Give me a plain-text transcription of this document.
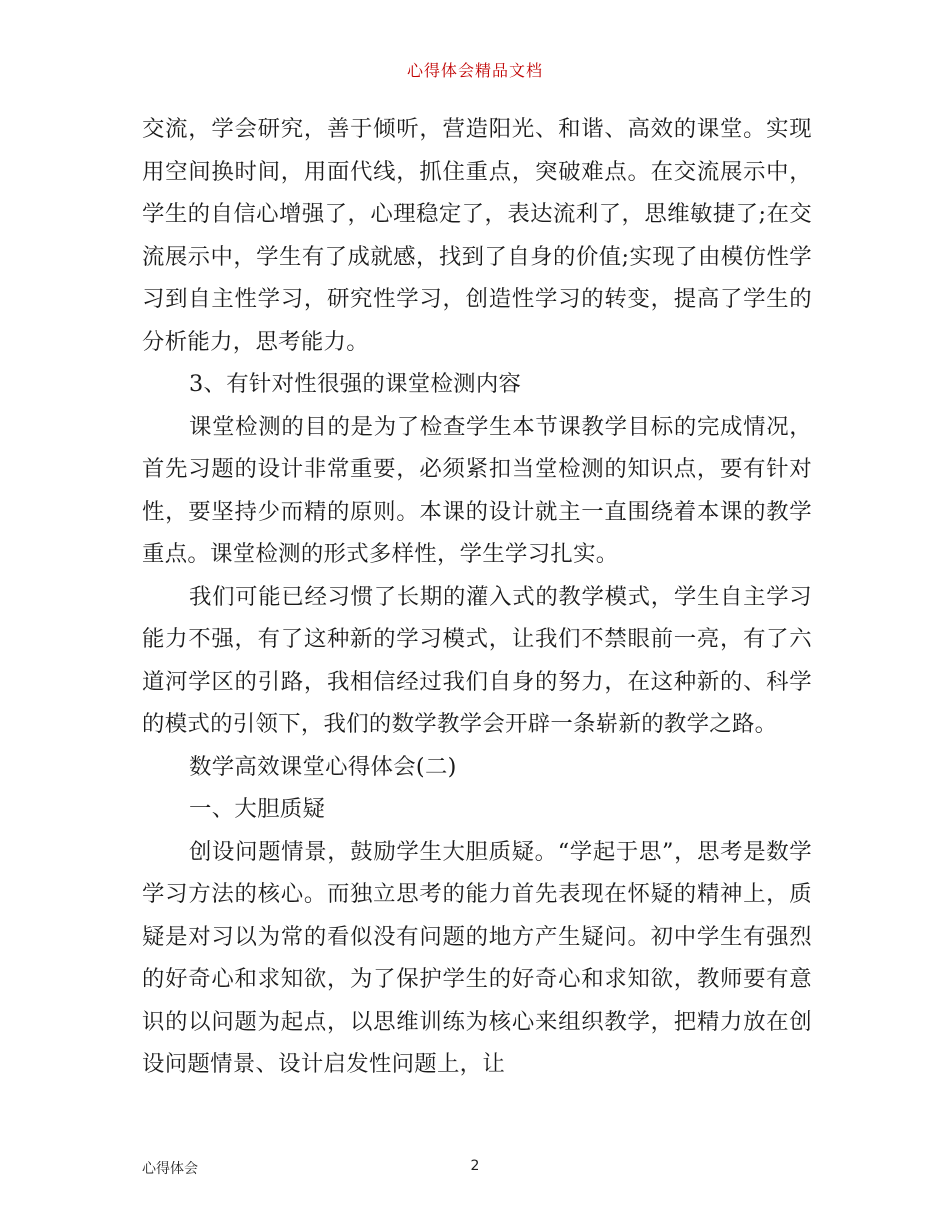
心得体会精品文档

交流，学会研究，善于倾听，营造阳光、和谐、高效的课堂。实现用空间换时间，用面代线，抓住重点，突破难点。在交流展示中，学生的自信心增强了，心理稳定了，表达流利了，思维敏捷了;在交流展示中，学生有了成就感，找到了自身的价值;实现了由模仿性学习到自主性学习，研究性学习，创造性学习的转变，提高了学生的分析能力，思考能力。

3、有针对性很强的课堂检测内容

课堂检测的目的是为了检查学生本节课教学目标的完成情况，首先习题的设计非常重要，必须紧扣当堂检测的知识点，要有针对性，要坚持少而精的原则。本课的设计就主一直围绕着本课的教学重点。课堂检测的形式多样性，学生学习扎实。

我们可能已经习惯了长期的灌入式的教学模式，学生自主学习能力不强，有了这种新的学习模式，让我们不禁眼前一亮，有了六道河学区的引路，我相信经过我们自身的努力，在这种新的、科学的模式的引领下，我们的数学教学会开辟一条崭新的教学之路。

数学高效课堂心得体会(二)

一、大胆质疑

创设问题情景，鼓励学生大胆质疑。“学起于思”，思考是数学学习方法的核心。而独立思考的能力首先表现在怀疑的精神上，质疑是对习以为常的看似没有问题的地方产生疑问。初中学生有强烈的好奇心和求知欲，为了保护学生的好奇心和求知欲，教师要有意识的以问题为起点，以思维训练为核心来组织教学，把精力放在创设问题情景、设计启发性问题上，让

心得体会	2
